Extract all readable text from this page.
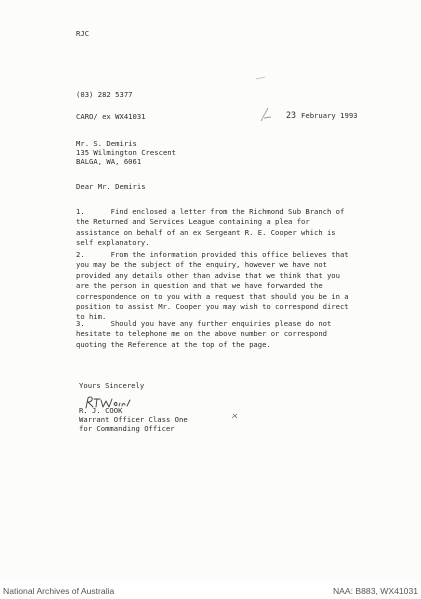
RJC
(03) 282 5377
CARO/ ex WX41031	23 February 1993
Mr. S. Demiris
135 Wilmington Crescent
BALGA, WA, 6061
Dear Mr. Demiris
1.      Find enclosed a letter from the Richmond Sub Branch of
the Returned and Services League containing a plea for
assistance on behalf of an ex Sergeant R. E. Cooper which is
self explanatory.
2.      From the information provided this office believes that
you may be the subject of the enquiry, however we have not
provided any details other than advise that we think that you
are the person in question and that we have forwarded the
correspondence on to you with a request that should you be in a
position to assist Mr. Cooper you may wish to correspond direct
to him.
3.      Should you have any further enquiries please do not
hesitate to telephone me on the above number or correspond
quoting the Reference at the top of the page.
Yours Sincerely
R. J. COOK
Warrant Officer Class One
for Commanding Officer
National Archives of Australia	NAA: B883, WX41031
